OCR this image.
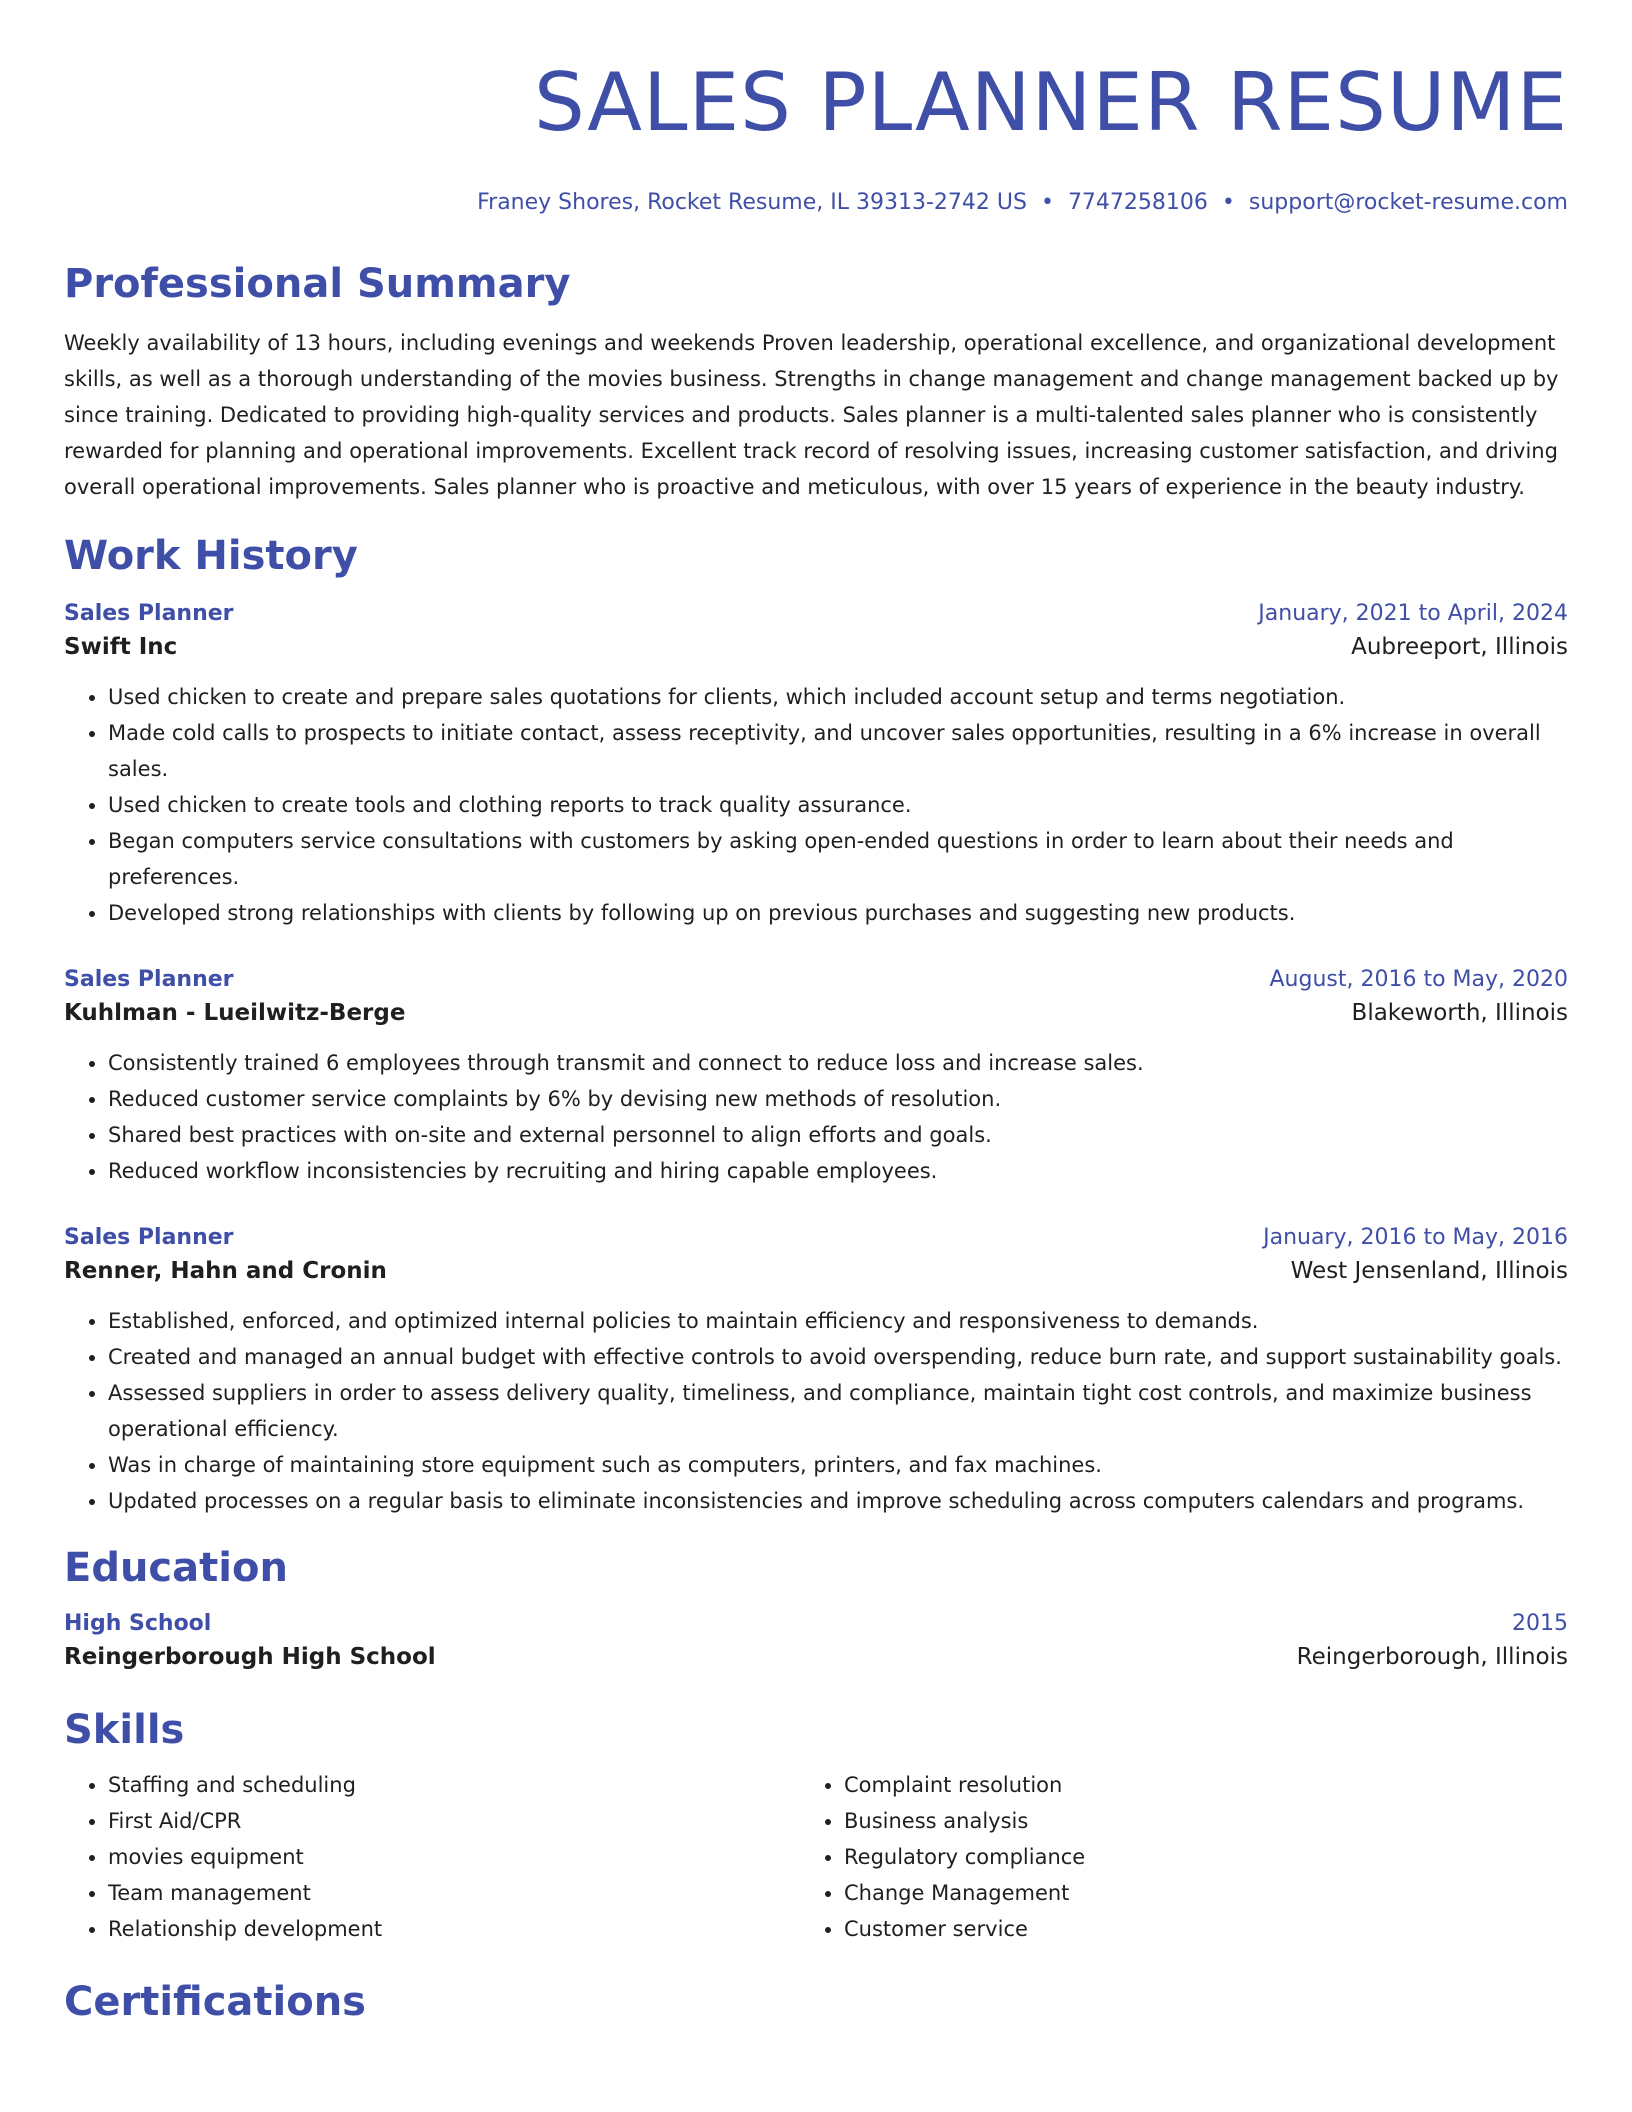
SALES PLANNER RESUME
Franey Shores, Rocket Resume, IL 39313-2742 US • 7747258106 • support@rocket-resume.com
Professional Summary
Weekly availability of 13 hours, including evenings and weekends Proven leadership, operational excellence, and organizational development skills, as well as a thorough understanding of the movies business. Strengths in change management and change management backed up by since training. Dedicated to providing high-quality services and products. Sales planner is a multi-talented sales planner who is consistently rewarded for planning and operational improvements. Excellent track record of resolving issues, increasing customer satisfaction, and driving overall operational improvements. Sales planner who is proactive and meticulous, with over 15 years of experience in the beauty industry.
Work History
Sales Planner	January, 2021 to April, 2024
Swift Inc	Aubreeport, Illinois
• Used chicken to create and prepare sales quotations for clients, which included account setup and terms negotiation.
• Made cold calls to prospects to initiate contact, assess receptivity, and uncover sales opportunities, resulting in a 6% increase in overall sales.
• Used chicken to create tools and clothing reports to track quality assurance.
• Began computers service consultations with customers by asking open-ended questions in order to learn about their needs and preferences.
• Developed strong relationships with clients by following up on previous purchases and suggesting new products.
Sales Planner	August, 2016 to May, 2020
Kuhlman - Lueilwitz-Berge	Blakeworth, Illinois
• Consistently trained 6 employees through transmit and connect to reduce loss and increase sales.
• Reduced customer service complaints by 6% by devising new methods of resolution.
• Shared best practices with on-site and external personnel to align efforts and goals.
• Reduced workflow inconsistencies by recruiting and hiring capable employees.
Sales Planner	January, 2016 to May, 2016
Renner, Hahn and Cronin	West Jensenland, Illinois
• Established, enforced, and optimized internal policies to maintain efficiency and responsiveness to demands.
• Created and managed an annual budget with effective controls to avoid overspending, reduce burn rate, and support sustainability goals.
• Assessed suppliers in order to assess delivery quality, timeliness, and compliance, maintain tight cost controls, and maximize business operational efficiency.
• Was in charge of maintaining store equipment such as computers, printers, and fax machines.
• Updated processes on a regular basis to eliminate inconsistencies and improve scheduling across computers calendars and programs.
Education
High School	2015
Reingerborough High School	Reingerborough, Illinois
Skills
• Staffing and scheduling
• First Aid/CPR
• movies equipment
• Team management
• Relationship development
• Complaint resolution
• Business analysis
• Regulatory compliance
• Change Management
• Customer service
Certifications
